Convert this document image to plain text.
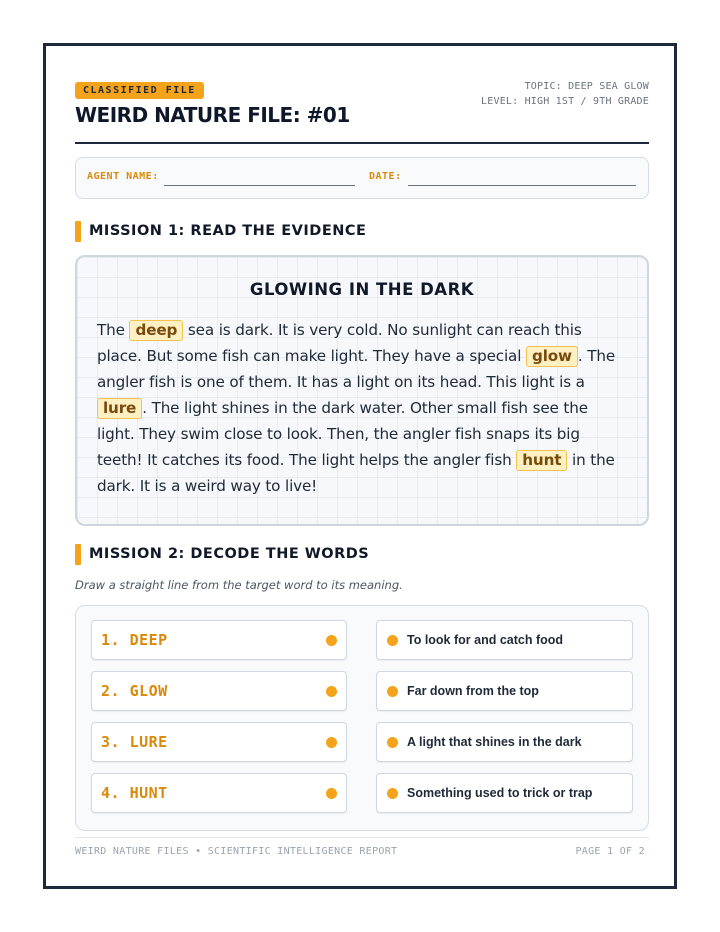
CLASSIFIED FILE
WEIRD NATURE FILE: #01
TOPIC: DEEP SEA GLOW
LEVEL: HIGH 1ST / 9TH GRADE
AGENT NAME:	DATE:
MISSION 1: READ THE EVIDENCE
GLOWING IN THE DARK
The deep sea is dark. It is very cold. No sunlight can reach this place. But some fish can make light. They have a special glow . The angler fish is one of them. It has a light on its head. This light is a lure . The light shines in the dark water. Other small fish see the light. They swim close to look. Then, the angler fish snaps its big teeth! It catches its food. The light helps the angler fish hunt in the dark. It is a weird way to live!
MISSION 2: DECODE THE WORDS
Draw a straight line from the target word to its meaning.
1. DEEP
2. GLOW
3. LURE
4. HUNT
To look for and catch food
Far down from the top
A light that shines in the dark
Something used to trick or trap
WEIRD NATURE FILES • SCIENTIFIC INTELLIGENCE REPORT	PAGE 1 OF 2
